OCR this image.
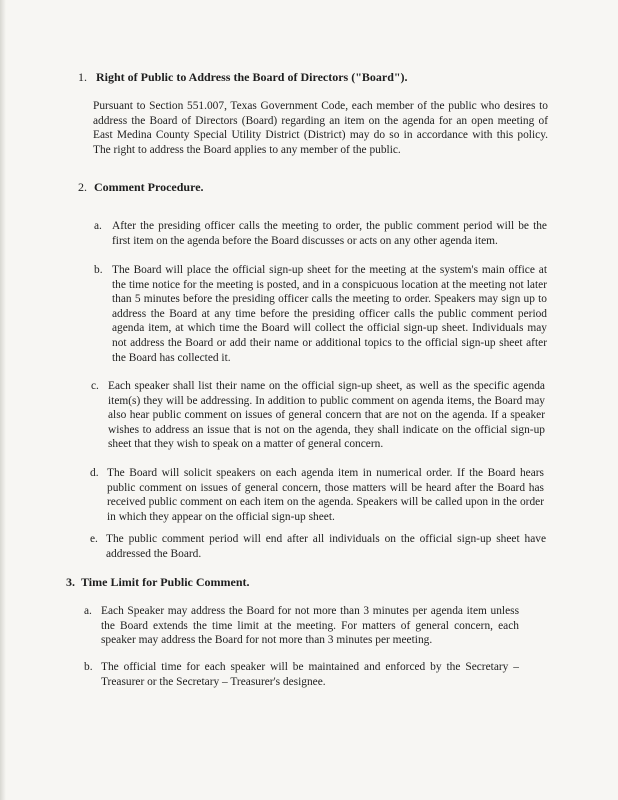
1. Right of Public to Address the Board of Directors ("Board").

Pursuant to Section 551.007, Texas Government Code, each member of the public who desires to address the Board of Directors (Board) regarding an item on the agenda for an open meeting of East Medina County Special Utility District (District) may do so in accordance with this policy. The right to address the Board applies to any member of the public.

2. Comment Procedure.
a. After the presiding officer calls the meeting to order, the public comment period will be the first item on the agenda before the Board discusses or acts on any other agenda item.

b. The Board will place the official sign-up sheet for the meeting at the system's main office at the time notice for the meeting is posted, and in a conspicuous location at the meeting not later than 5 minutes before the presiding officer calls the meeting to order. Speakers may sign up to address the Board at any time before the presiding officer calls the public comment period agenda item, at which time the Board will collect the official sign-up sheet. Individuals may not address the Board or add their name or additional topics to the official sign-up sheet after the Board has collected it.

c. Each speaker shall list their name on the official sign-up sheet, as well as the specific agenda item(s) they will be addressing. In addition to public comment on agenda items, the Board may also hear public comment on issues of general concern that are not on the agenda. If a speaker wishes to address an issue that is not on the agenda, they shall indicate on the official sign-up sheet that they wish to speak on a matter of general concern.

d. The Board will solicit speakers on each agenda item in numerical order. If the Board hears public comment on issues of general concern, those matters will be heard after the Board has received public comment on each item on the agenda. Speakers will be called upon in the order in which they appear on the official sign-up sheet.

e. The public comment period will end after all individuals on the official sign-up sheet have addressed the Board.

3. Time Limit for Public Comment.
a. Each Speaker may address the Board for not more than 3 minutes per agenda item unless the Board extends the time limit at the meeting. For matters of general concern, each speaker may address the Board for not more than 3 minutes per meeting.

b. The official time for each speaker will be maintained and enforced by the Secretary – Treasurer or the Secretary – Treasurer's designee.
